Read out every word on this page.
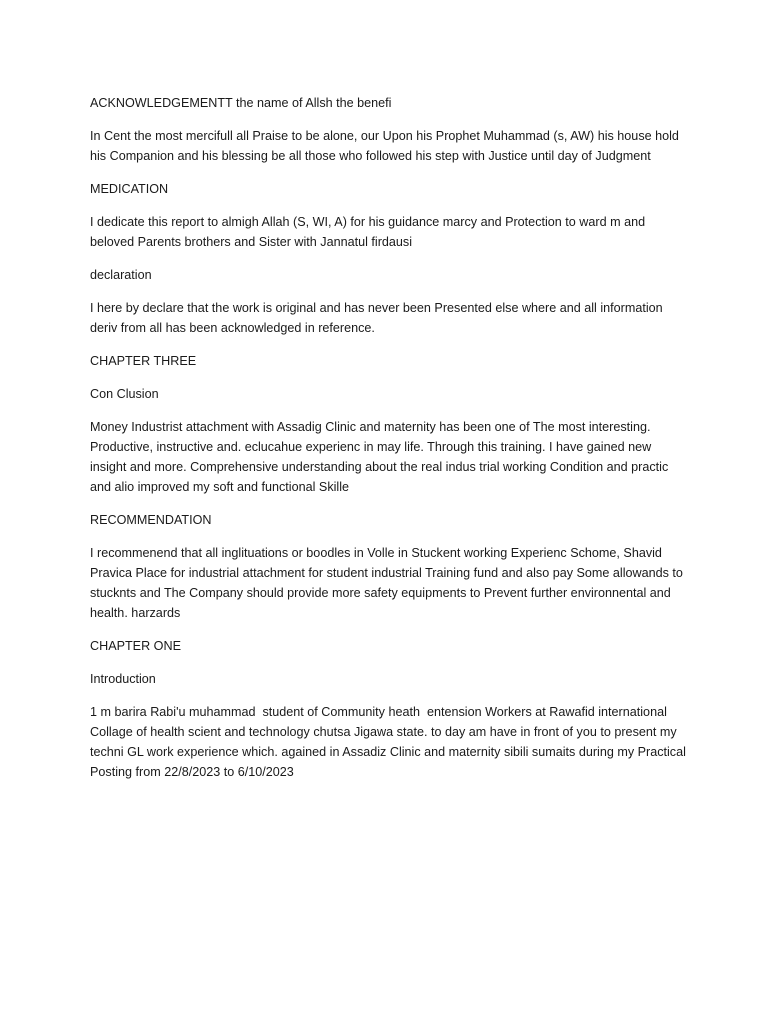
ACKNOWLEDGEMENTT the name of Allsh the benefi

In Cent the most mercifull all Praise to be alone, our Upon his Prophet Muhammad (s, AW) his house hold his Companion and his blessing be all those who followed his step with Justice until day of Judgment

MEDICATION

I dedicate this report to almigh Allah (S, WI, A) for his guidance marcy and Protection to ward m and beloved Parents brothers and Sister with Jannatul firdausi

declaration

I here by declare that the work is original and has never been Presented else where and all information deriv from all has been acknowledged in reference.

CHAPTER THREE

Con Clusion

Money Industrist attachment with Assadig Clinic and maternity has been one of The most interesting. Productive, instructive and. eclucahue experienc in may life. Through this training. I have gained new insight and more. Comprehensive understanding about the real indus trial working Condition and practic and alio improved my soft and functional Skille

RECOMMENDATION

I recommenend that all inglituations or boodles in Volle in Stuckent working Experienc Schome, Shavid Pravica Place for industrial attachment for student industrial Training fund and also pay Some allowands to stucknts and The Company should provide more safety equipments to Prevent further environnental and health. harzards

CHAPTER ONE

Introduction

1 m barira Rabi'u muhammad  student of Community heath  entension Workers at Rawafid international Collage of health scient and technology chutsa Jigawa state. to day am have in front of you to present my techni GL work experience which. agained in Assadiz Clinic and maternity sibili sumaits during my Practical  Posting from 22/8/2023 to 6/10/2023
